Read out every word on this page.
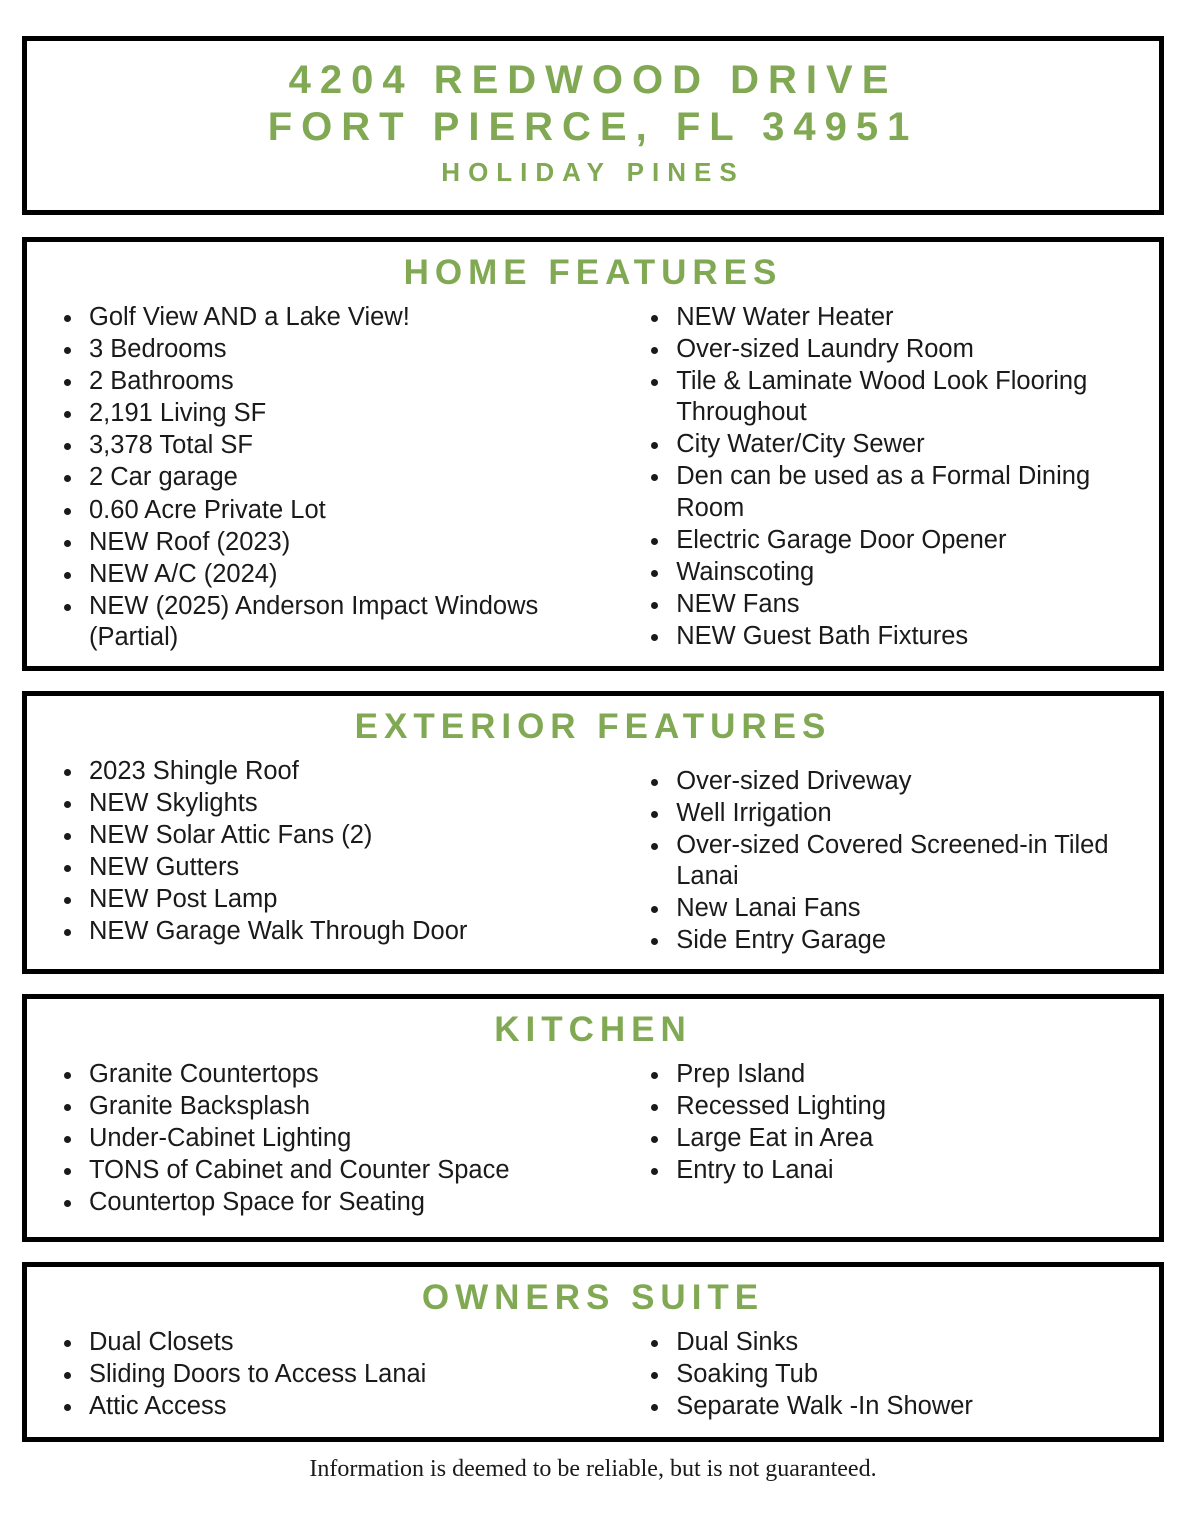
4204 REDWOOD DRIVE
FORT PIERCE, FL 34951
HOLIDAY PINES
HOME FEATURES
• Golf View AND a Lake View!
• 3 Bedrooms
• 2 Bathrooms
• 2,191 Living SF
• 3,378 Total SF
• 2 Car garage
• 0.60 Acre Private Lot
• NEW Roof (2023)
• NEW A/C (2024)
• NEW (2025) Anderson Impact Windows (Partial)
• NEW Water Heater
• Over-sized Laundry Room
• Tile & Laminate Wood Look Flooring Throughout
• City Water/City Sewer
• Den can be used as a Formal Dining Room
• Electric Garage Door Opener
• Wainscoting
• NEW Fans
• NEW Guest Bath Fixtures
EXTERIOR FEATURES
• 2023 Shingle Roof
• NEW Skylights
• NEW Solar Attic Fans (2)
• NEW Gutters
• NEW Post Lamp
• NEW Garage Walk Through Door
• Over-sized Driveway
• Well Irrigation
• Over-sized Covered Screened-in Tiled Lanai
• New Lanai Fans
• Side Entry Garage
KITCHEN
• Granite Countertops
• Granite Backsplash
• Under-Cabinet Lighting
• TONS of Cabinet and Counter Space
• Countertop Space for Seating
• Prep Island
• Recessed Lighting
• Large Eat in Area
• Entry to Lanai
OWNERS SUITE
• Dual Closets
• Sliding Doors to Access Lanai
• Attic Access
• Dual Sinks
• Soaking Tub
• Separate Walk -In Shower
Information is deemed to be reliable, but is not guaranteed.
